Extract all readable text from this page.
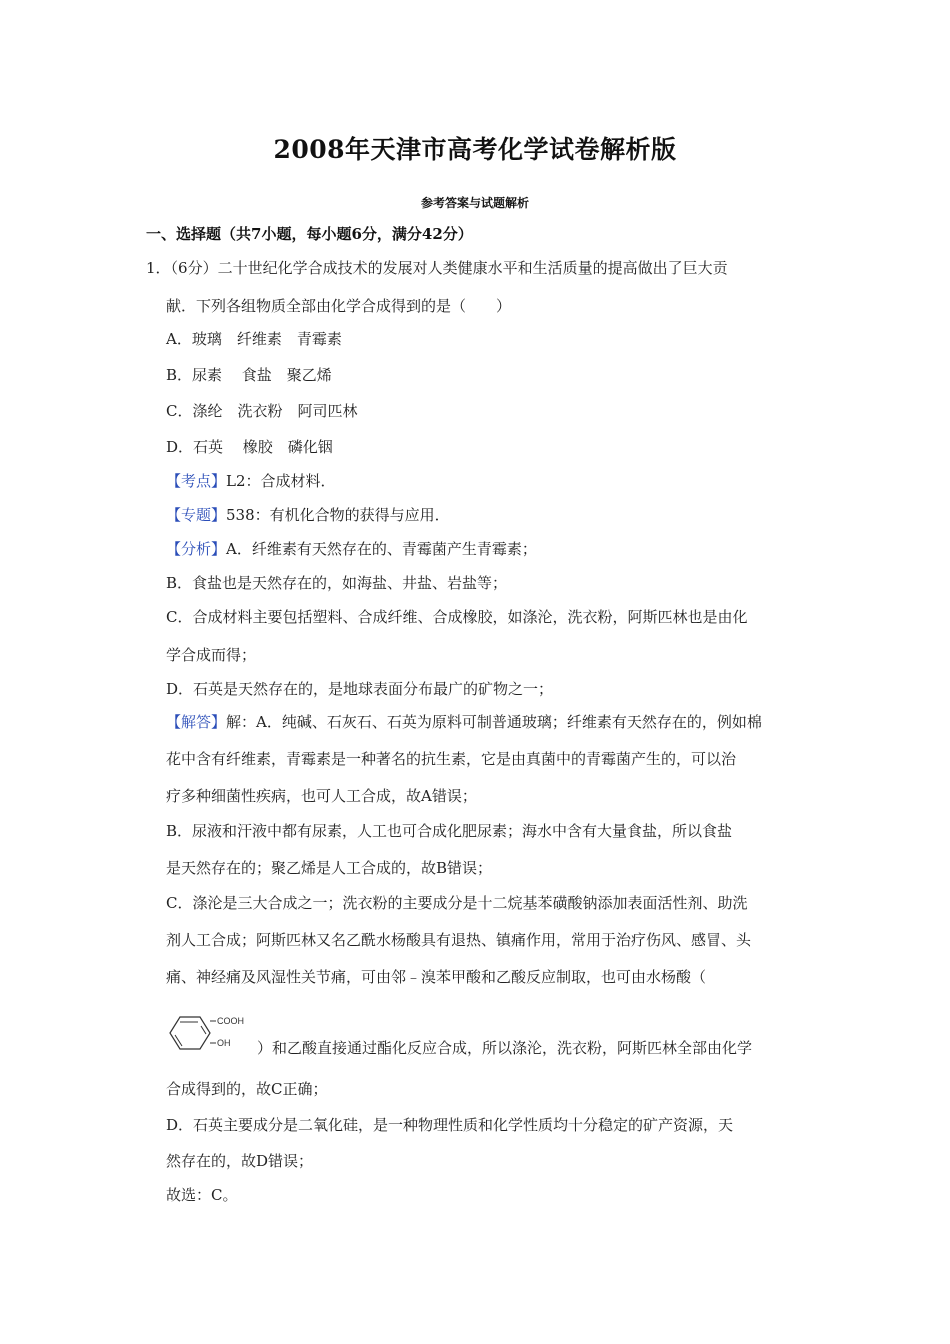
2008年天津市高考化学试卷解析版
参考答案与试题解析
一、选择题（共7小题，每小题6分，满分42分）
1．（6分）二十世纪化学合成技术的发展对人类健康水平和生活质量的提高做出了巨大贡
献．下列各组物质全部由化学合成得到的是（　　）
A．玻璃　纤维素　青霉素
B．尿素　 食盐　聚乙烯
C．涤纶　洗衣粉　阿司匹林
D．石英　 橡胶　磷化铟
【考点】L2：合成材料．
【专题】538：有机化合物的获得与应用．
【分析】A．纤维素有天然存在的、青霉菌产生青霉素；
B．食盐也是天然存在的，如海盐、井盐、岩盐等；
C．合成材料主要包括塑料、合成纤维、合成橡胶，如涤沦，洗衣粉，阿斯匹林也是由化
学合成而得；
D．石英是天然存在的，是地球表面分布最广的矿物之一；
【解答】解：A．纯碱、石灰石、石英为原料可制普通玻璃；纤维素有天然存在的，例如棉
花中含有纤维素，青霉素是一种著名的抗生素，它是由真菌中的青霉菌产生的，可以治
疗多种细菌性疾病，也可人工合成，故A错误；
B．尿液和汗液中都有尿素，人工也可合成化肥尿素；海水中含有大量食盐，所以食盐
是天然存在的；聚乙烯是人工合成的，故B错误；
C．涤沦是三大合成之一；洗衣粉的主要成分是十二烷基苯磺酸钠添加表面活性剂、助洗
剂人工合成；阿斯匹林又名乙酰水杨酸具有退热、镇痛作用，常用于治疗伤风、感冒、头
痛、神经痛及风湿性关节痛，可由邻﹣溴苯甲酸和乙酸反应制取，也可由水杨酸（
COOH
OH ）和乙酸直接通过酯化反应合成，所以涤沦，洗衣粉，阿斯匹林全部由化学
合成得到的，故C正确；
D．石英主要成分是二氧化硅，是一种物理性质和化学性质均十分稳定的矿产资源，天
然存在的，故D错误；
故选：C。
